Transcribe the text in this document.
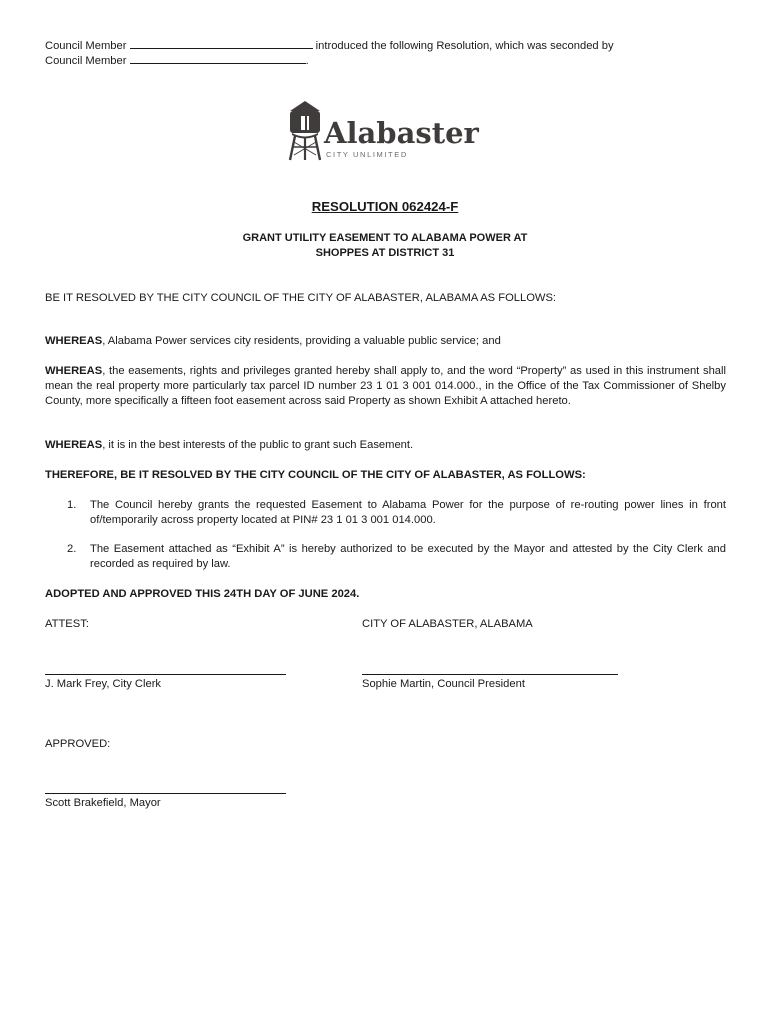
Council Member	introduced the following Resolution, which was seconded by
Council Member	.
Alabaster
CITY UNLIMITED
RESOLUTION 062424-F
GRANT UTILITY EASEMENT TO ALABAMA POWER AT
SHOPPES AT DISTRICT 31
BE IT RESOLVED BY THE CITY COUNCIL OF THE CITY OF ALABASTER, ALABAMA AS FOLLOWS:
WHEREAS, Alabama Power services city residents, providing a valuable public service; and
WHEREAS, the easements, rights and privileges granted hereby shall apply to, and the word “Property” as used in this instrument shall mean the real property more particularly tax parcel ID number 23 1 01 3 001 014.000., in the Office of the Tax Commissioner of Shelby County, more specifically a fifteen foot easement across said Property as shown Exhibit A attached hereto.
WHEREAS, it is in the best interests of the public to grant such Easement.
THEREFORE, BE IT RESOLVED BY THE CITY COUNCIL OF THE CITY OF ALABASTER, AS FOLLOWS:
1. The Council hereby grants the requested Easement to Alabama Power for the purpose of re-routing power lines in front of/temporarily across property located at PIN# 23 1 01 3 001 014.000.
2. The Easement attached as “Exhibit A” is hereby authorized to be executed by the Mayor and attested by the City Clerk and recorded as required by law.
ADOPTED AND APPROVED THIS 24TH DAY OF JUNE 2024.
ATTEST:	CITY OF ALABASTER, ALABAMA
J. Mark Frey, City Clerk	Sophie Martin, Council President
APPROVED:
Scott Brakefield, Mayor
